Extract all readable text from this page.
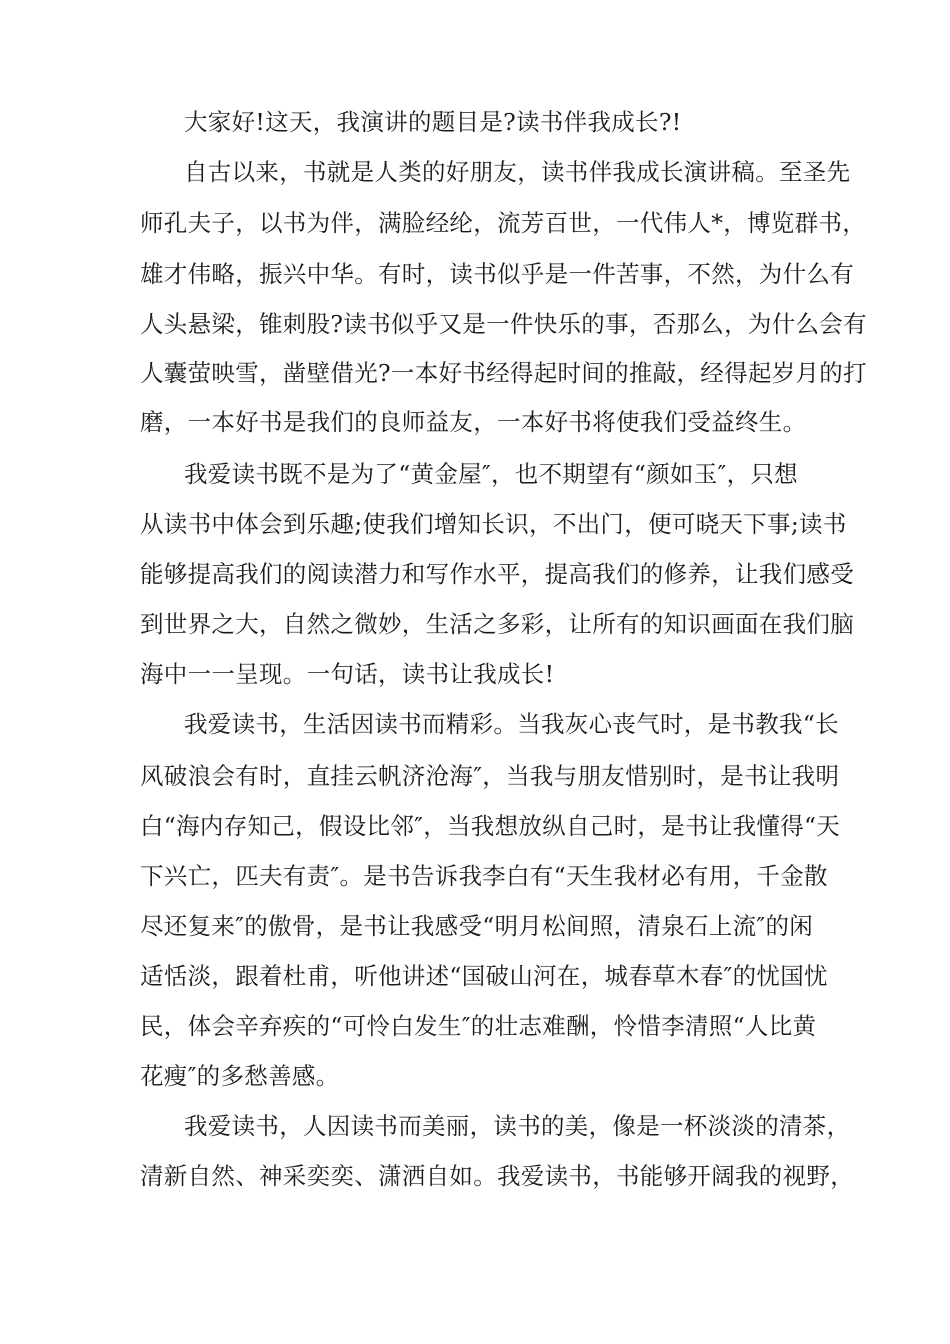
大家好!这天，我演讲的题目是?读书伴我成长?!
自古以来，书就是人类的好朋友，读书伴我成长演讲稿。至圣先
师孔夫子，以书为伴，满脸经纶，流芳百世，一代伟人*，博览群书，
雄才伟略，振兴中华。有时，读书似乎是一件苦事，不然，为什么有
人头悬梁，锥刺股?读书似乎又是一件快乐的事，否那么，为什么会有
人囊萤映雪，凿壁借光?一本好书经得起时间的推敲，经得起岁月的打
磨，一本好书是我们的良师益友，一本好书将使我们受益终生。
我爱读书既不是为了“黄金屋″，也不期望有“颜如玉″，只想
从读书中体会到乐趣;使我们增知长识，不出门，便可晓天下事;读书
能够提高我们的阅读潜力和写作水平，提高我们的修养，让我们感受
到世界之大，自然之微妙，生活之多彩，让所有的知识画面在我们脑
海中一一呈现。一句话，读书让我成长!
我爱读书，生活因读书而精彩。当我灰心丧气时，是书教我“长
风破浪会有时，直挂云帆济沧海″，当我与朋友惜别时，是书让我明
白“海内存知己，假设比邻″，当我想放纵自己时，是书让我懂得“天
下兴亡，匹夫有责″。是书告诉我李白有“天生我材必有用，千金散
尽还复来″的傲骨，是书让我感受“明月松间照，清泉石上流″的闲
适恬淡，跟着杜甫，听他讲述“国破山河在，城春草木春″的忧国忧
民，体会辛弃疾的“可怜白发生″的壮志难酬，怜惜李清照“人比黄
花瘦″的多愁善感。
我爱读书，人因读书而美丽，读书的美，像是一杯淡淡的清茶，
清新自然、神采奕奕、潇洒自如。我爱读书，书能够开阔我的视野，
